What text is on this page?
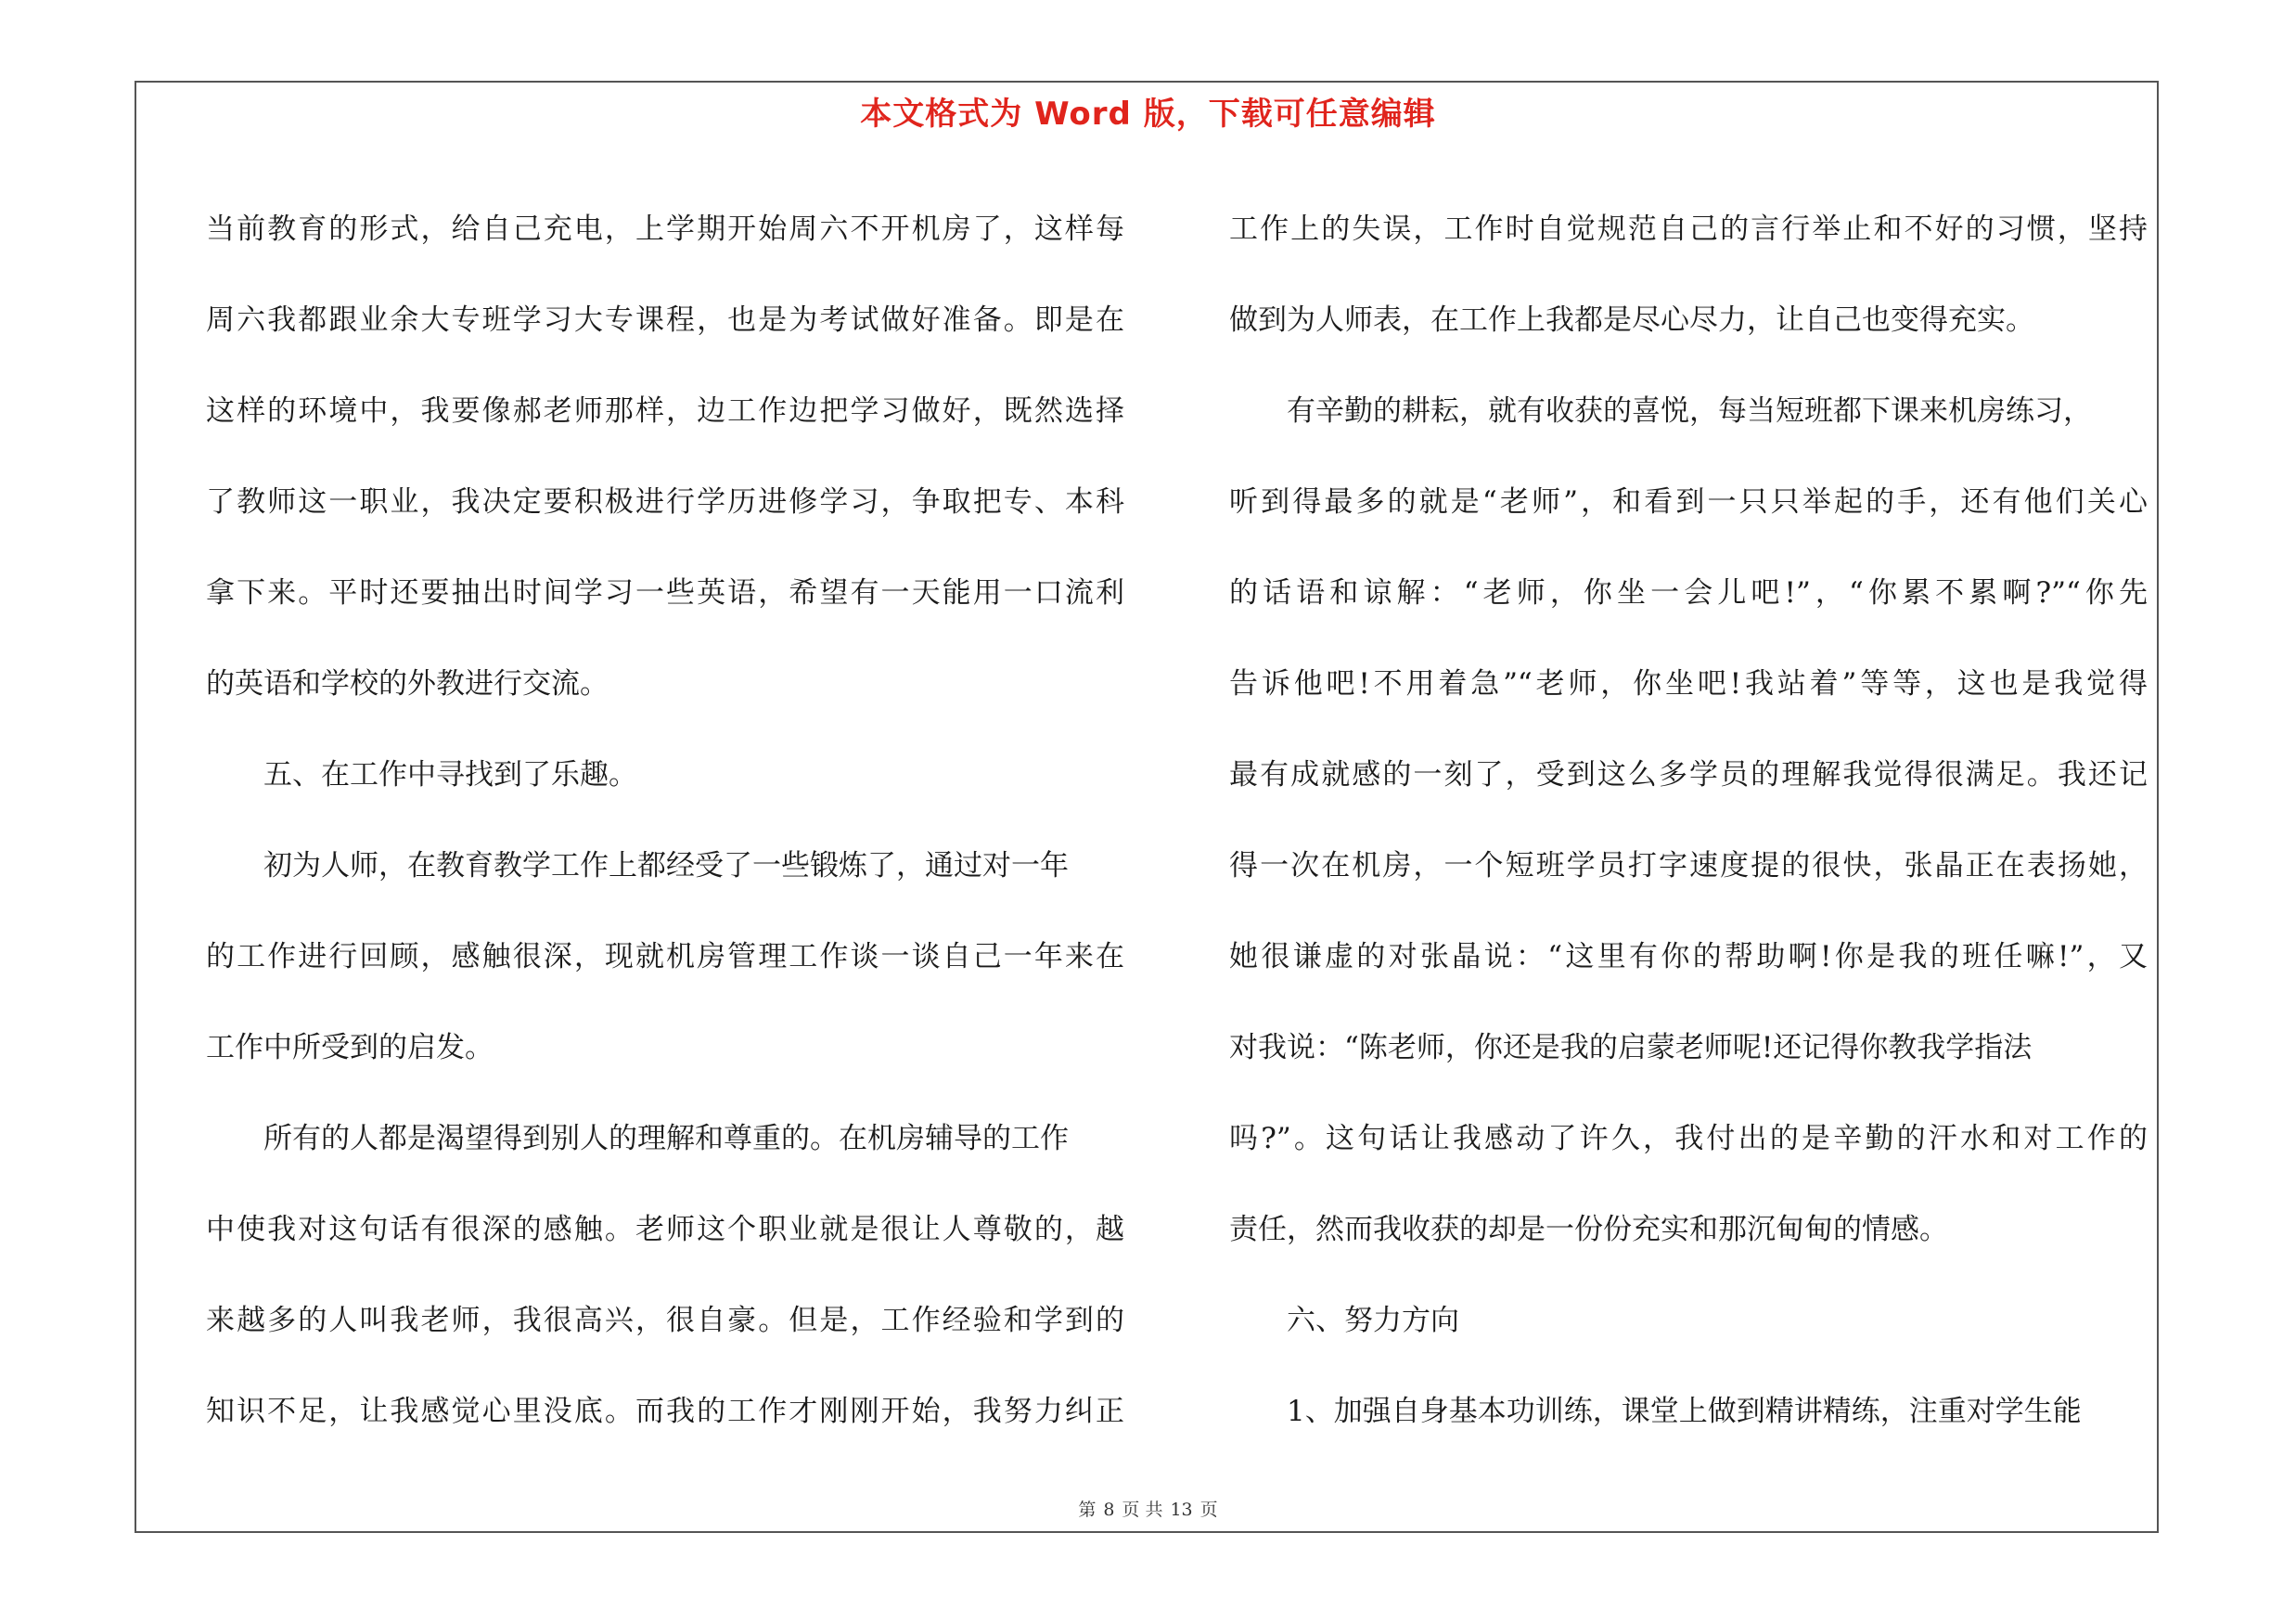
本文格式为 Word 版，下载可任意编辑
当前教育的形式，给自己充电，上学期开始周六不开机房了，这样每
周六我都跟业余大专班学习大专课程，也是为考试做好准备。即是在
这样的环境中，我要像郝老师那样，边工作边把学习做好，既然选择
了教师这一职业，我决定要积极进行学历进修学习，争取把专、本科
拿下来。平时还要抽出时间学习一些英语，希望有一天能用一口流利
的英语和学校的外教进行交流。
五、在工作中寻找到了乐趣。
初为人师，在教育教学工作上都经受了一些锻炼了，通过对一年
的工作进行回顾，感触很深，现就机房管理工作谈一谈自己一年来在
工作中所受到的启发。
所有的人都是渴望得到别人的理解和尊重的。在机房辅导的工作
中使我对这句话有很深的感触。老师这个职业就是很让人尊敬的，越
来越多的人叫我老师，我很高兴，很自豪。但是，工作经验和学到的
知识不足，让我感觉心里没底。而我的工作才刚刚开始，我努力纠正
工作上的失误，工作时自觉规范自己的言行举止和不好的习惯，坚持
做到为人师表，在工作上我都是尽心尽力，让自己也变得充实。
有辛勤的耕耘，就有收获的喜悦，每当短班都下课来机房练习，
听到得最多的就是“老师”，和看到一只只举起的手，还有他们关心
的话语和谅解：“老师，你坐一会儿吧!”，“你累不累啊?”“你先
告诉他吧!不用着急”“老师，你坐吧!我站着”等等，这也是我觉得
最有成就感的一刻了，受到这么多学员的理解我觉得很满足。我还记
得一次在机房，一个短班学员打字速度提的很快，张晶正在表扬她，
她很谦虚的对张晶说：“这里有你的帮助啊!你是我的班任嘛!”，又
对我说：“陈老师，你还是我的启蒙老师呢!还记得你教我学指法
吗?”。这句话让我感动了许久，我付出的是辛勤的汗水和对工作的
责任，然而我收获的却是一份份充实和那沉甸甸的情感。
六、努力方向
1、加强自身基本功训练，课堂上做到精讲精练，注重对学生能
第 8 页 共 13 页
